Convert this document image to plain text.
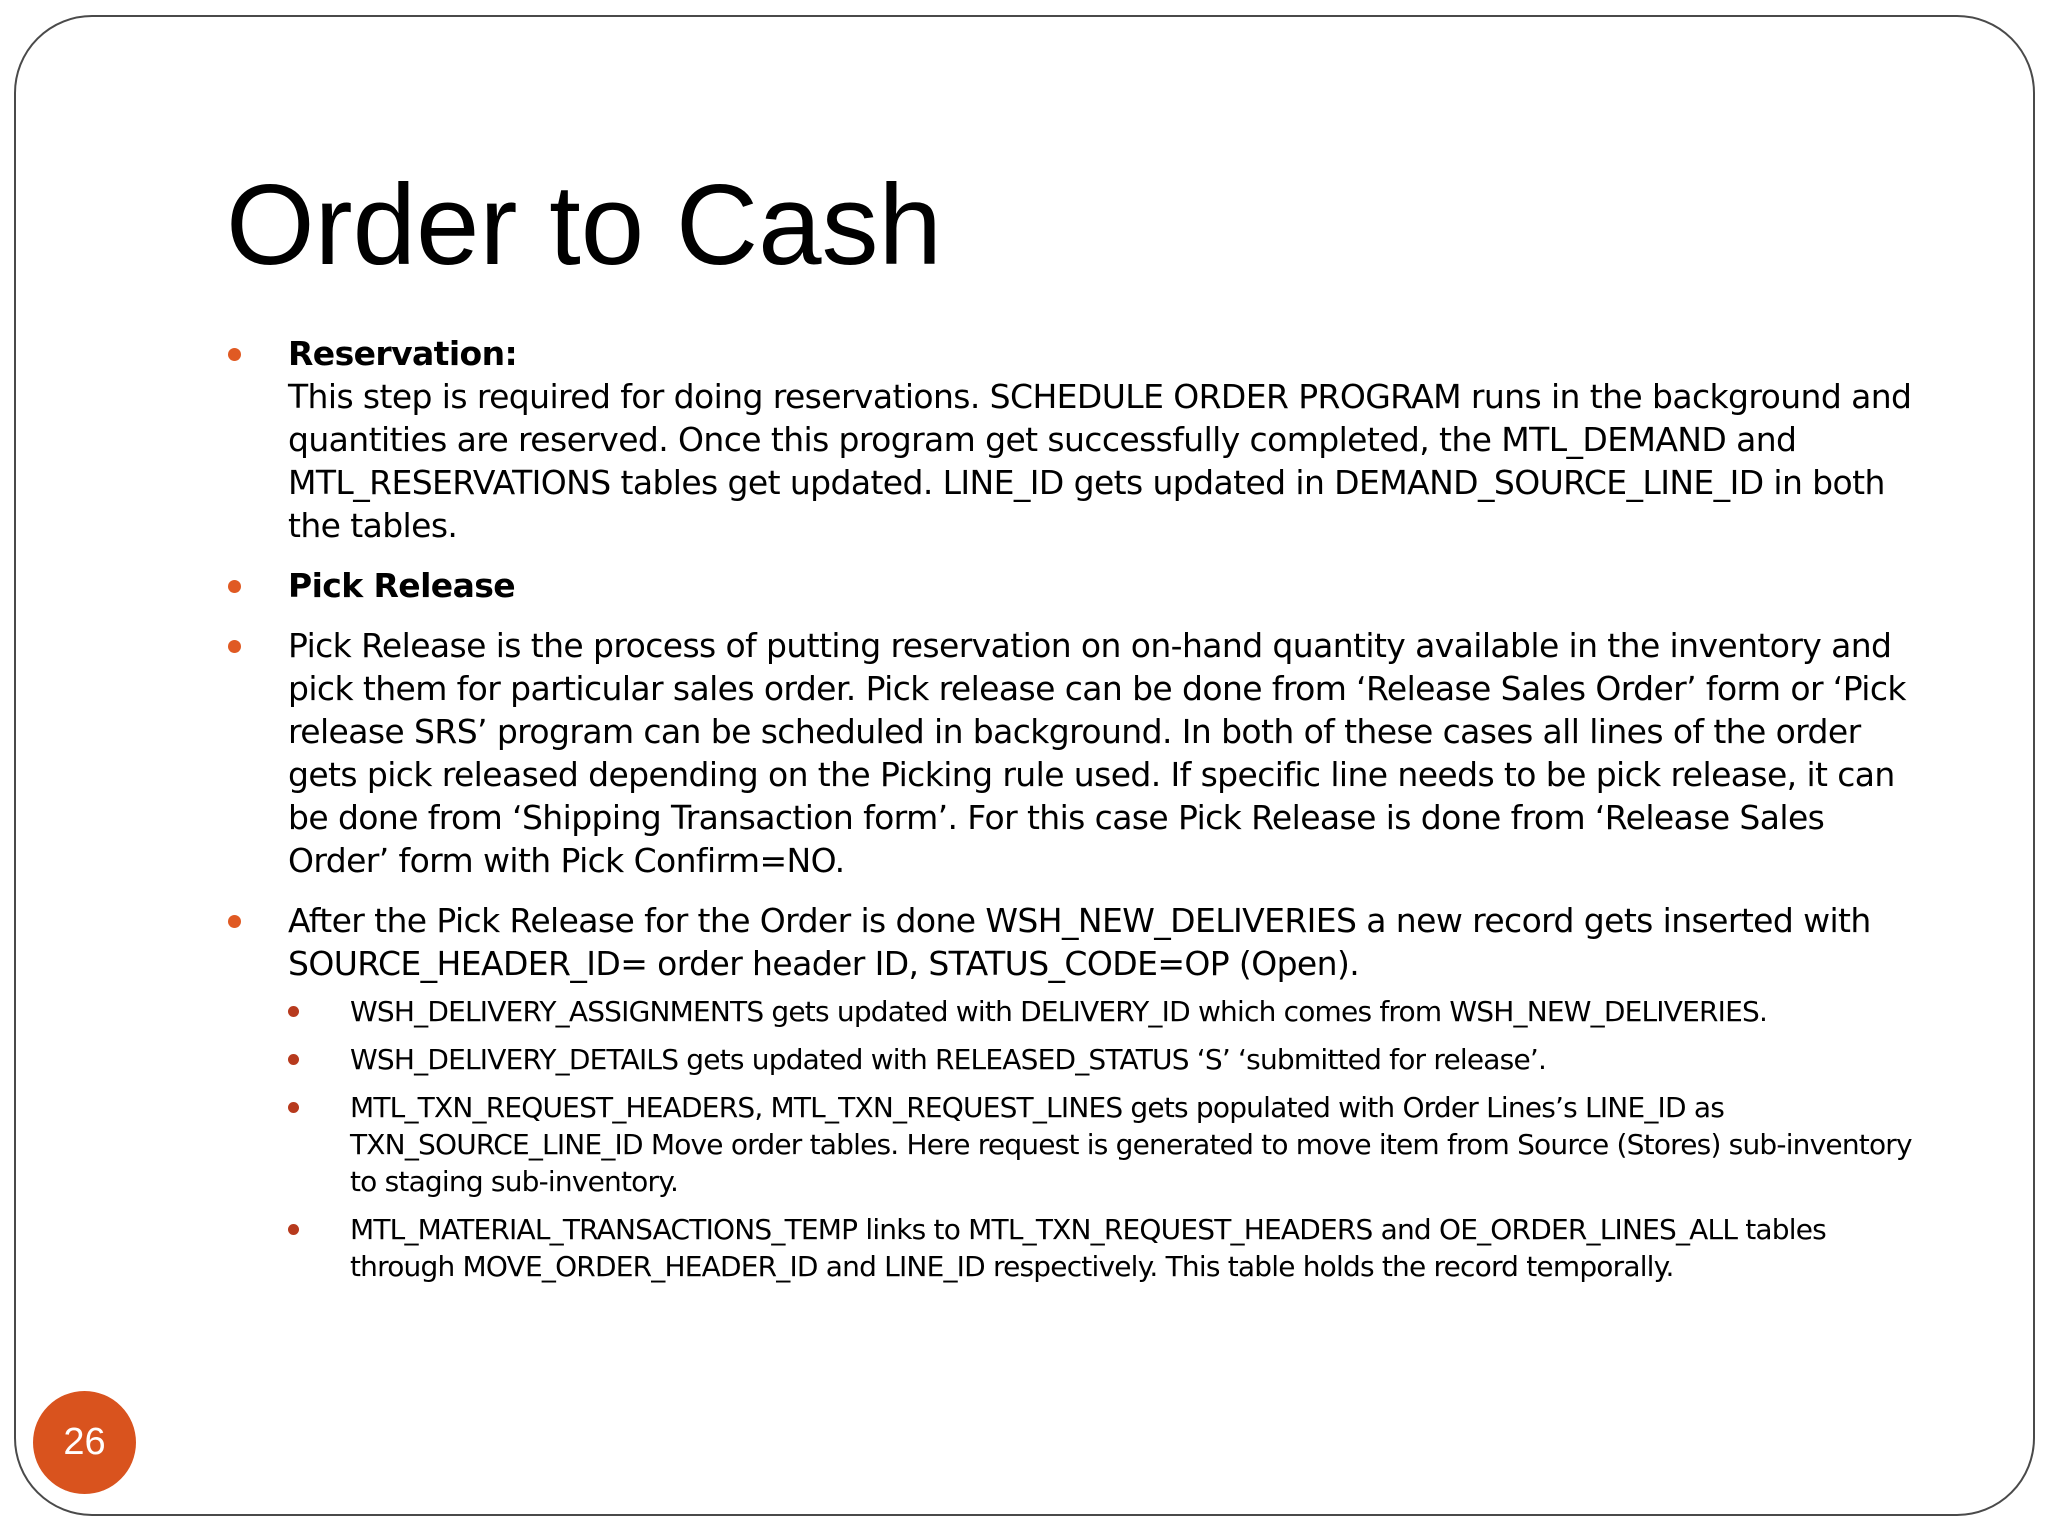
Order to Cash
Reservation:
This step is required for doing reservations. SCHEDULE ORDER PROGRAM runs in the background and quantities are reserved. Once this program get successfully completed, the MTL_DEMAND and MTL_RESERVATIONS tables get updated. LINE_ID gets updated in DEMAND_SOURCE_LINE_ID in both the tables.
Pick Release
Pick Release is the process of putting reservation on on-hand quantity available in the inventory and pick them for particular sales order. Pick release can be done from ‘Release Sales Order’ form or ‘Pick release SRS’ program can be scheduled in background. In both of these cases all lines of the order gets pick released depending on the Picking rule used. If specific line needs to be pick release, it can be done from ‘Shipping Transaction form’. For this case Pick Release is done from ‘Release Sales Order’ form with Pick Confirm=NO.
After the Pick Release for the Order is done WSH_NEW_DELIVERIES a new record gets inserted with SOURCE_HEADER_ID= order header ID, STATUS_CODE=OP (Open).
WSH_DELIVERY_ASSIGNMENTS gets updated with DELIVERY_ID which comes from WSH_NEW_DELIVERIES.
WSH_DELIVERY_DETAILS gets updated with RELEASED_STATUS ‘S’ ‘submitted for release’.
MTL_TXN_REQUEST_HEADERS, MTL_TXN_REQUEST_LINES gets populated with Order Lines’s LINE_ID as TXN_SOURCE_LINE_ID Move order tables. Here request is generated to move item from Source (Stores) sub-inventory to staging sub-inventory.
MTL_MATERIAL_TRANSACTIONS_TEMP links to MTL_TXN_REQUEST_HEADERS and OE_ORDER_LINES_ALL tables through MOVE_ORDER_HEADER_ID and LINE_ID respectively. This table holds the record temporally.
26
